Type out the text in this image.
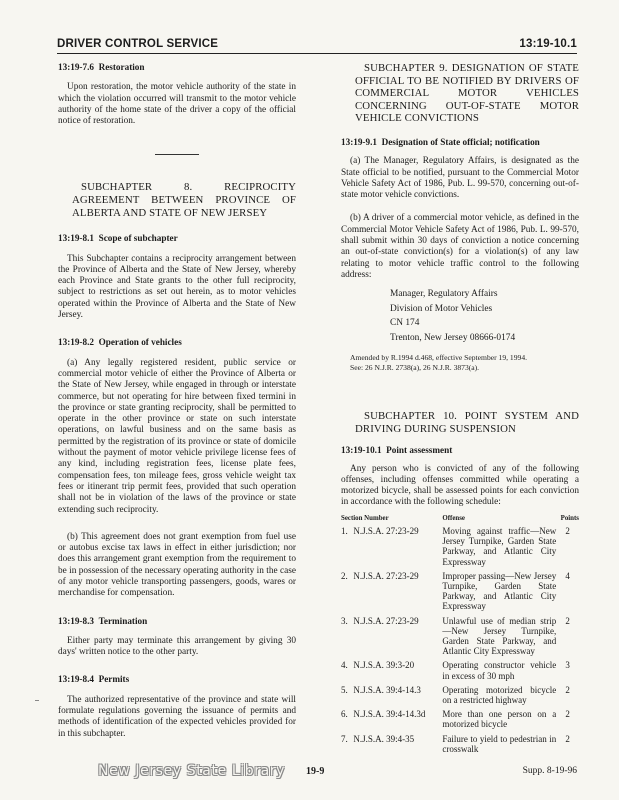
DRIVER CONTROL SERVICE	13:19-10.1
13:19-7.6 Restoration

Upon restoration, the motor vehicle authority of the state in which the violation occurred will transmit to the motor vehicle authority of the home state of the driver a copy of the official notice of restoration.

SUBCHAPTER 8. RECIPROCITY AGREEMENT BETWEEN PROVINCE OF ALBERTA AND STATE OF NEW JERSEY

13:19-8.1 Scope of subchapter

This Subchapter contains a reciprocity arrangement between the Province of Alberta and the State of New Jersey, whereby each Province and State grants to the other full reciprocity, subject to restrictions as set out herein, as to motor vehicles operated within the Province of Alberta and the State of New Jersey.

13:19-8.2 Operation of vehicles

(a) Any legally registered resident, public service or commercial motor vehicle of either the Province of Alberta or the State of New Jersey, while engaged in through or interstate commerce, but not operating for hire between fixed termini in the province or state granting reciprocity, shall be permitted to operate in the other province or state on such interstate operations, on lawful business and on the same basis as permitted by the registration of its province or state of domicile without the payment of motor vehicle privilege license fees of any kind, including registration fees, license plate fees, compensation fees, ton mileage fees, gross vehicle weight tax fees or itinerant trip permit fees, provided that such operation shall not be in violation of the laws of the province or state extending such reciprocity.

(b) This agreement does not grant exemption from fuel use or autobus excise tax laws in effect in either jurisdiction; nor does this arrangement grant exemption from the requirement to be in possession of the necessary operating authority in the case of any motor vehicle transporting passengers, goods, wares or merchandise for compensation.

13:19-8.3 Termination

Either party may terminate this arrangement by giving 30 days' written notice to the other party.

13:19-8.4 Permits

The authorized representative of the province and state will formulate regulations governing the issuance of permits and methods of identification of the expected vehicles provided for in this subchapter.

SUBCHAPTER 9. DESIGNATION OF STATE OFFICIAL TO BE NOTIFIED BY DRIVERS OF COMMERCIAL MOTOR VEHICLES CONCERNING OUT-OF-STATE MOTOR VEHICLE CONVICTIONS

13:19-9.1 Designation of State official; notification

(a) The Manager, Regulatory Affairs, is designated as the State official to be notified, pursuant to the Commercial Motor Vehicle Safety Act of 1986, Pub. L. 99-570, concerning out-of-state motor vehicle convictions.

(b) A driver of a commercial motor vehicle, as defined in the Commercial Motor Vehicle Safety Act of 1986, Pub. L. 99-570, shall submit within 30 days of conviction a notice concerning an out-of-state conviction(s) for a violation(s) of any law relating to motor vehicle traffic control to the following address:

Manager, Regulatory Affairs

Division of Motor Vehicles

CN 174

Trenton, New Jersey 08666-0174

Amended by R.1994 d.468, effective September 19, 1994.

See: 26 N.J.R. 2738(a), 26 N.J.R. 3873(a).

SUBCHAPTER 10. POINT SYSTEM AND DRIVING DURING SUSPENSION

13:19-10.1 Point assessment

Any person who is convicted of any of the following offenses, including offenses committed while operating a motorized bicycle, shall be assessed points for each conviction in accordance with the following schedule:

Section Number		Offense	Points
1.	N.J.S.A. 27:23-29	Moving against traffic—New Jersey Turnpike, Garden State Parkway, and Atlantic City Expressway	2
2.	N.J.S.A. 27:23-29	Improper passing—New Jersey Turnpike, Garden State Parkway, and Atlantic City Expressway	4
3.	N.J.S.A. 27:23-29	Unlawful use of median strip—New Jersey Turnpike, Garden State Parkway, and Atlantic City Expressway	2
4.	N.J.S.A. 39:3-20	Operating constructor vehicle in excess of 30 mph	3
5.	N.J.S.A. 39:4-14.3	Operating motorized bicycle on a restricted highway	2
6.	N.J.S.A. 39:4-14.3d	More than one person on a motorized bicycle	2
7.	N.J.S.A. 39:4-35	Failure to yield to pedestrian in crosswalk	2
New Jersey State Library 19-9	Supp. 8-19-96
